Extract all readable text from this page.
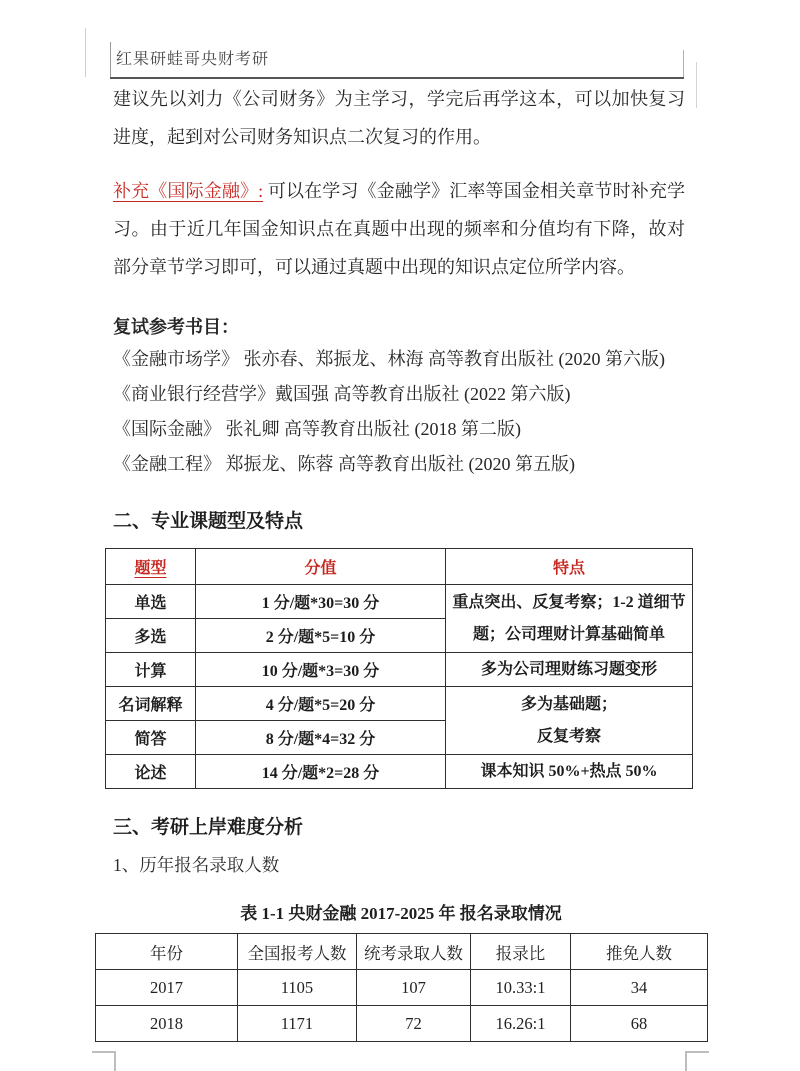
红果研蛙哥央财考研
建议先以刘力《公司财务》为主学习，学完后再学这本，可以加快复习进度，起到对公司财务知识点二次复习的作用。
补充《国际金融》: 可以在学习《金融学》汇率等国金相关章节时补充学习。由于近几年国金知识点在真题中出现的频率和分值均有下降，故对部分章节学习即可，可以通过真题中出现的知识点定位所学内容。
复试参考书目：
《金融市场学》 张亦春、郑振龙、林海 高等教育出版社 (2020 第六版)
《商业银行经营学》戴国强 高等教育出版社 (2022 第六版)
《国际金融》 张礼卿 高等教育出版社 (2018 第二版)
《金融工程》 郑振龙、陈蓉 高等教育出版社 (2020 第五版)
二、专业课题型及特点
题型	分值	特点
单选	1 分/题*30=30 分	重点突出、反复考察；1-2 道细节题；公司理财计算基础简单
多选	2 分/题*5=10 分	
计算	10 分/题*3=30 分	多为公司理财练习题变形
名词解释	4 分/题*5=20 分	多为基础题；
反复考察

简答	8 分/题*4=32 分	
论述	14 分/题*2=28 分	课本知识 50%+热点 50%
三、考研上岸难度分析
1、历年报名录取人数
表 1-1 央财金融 2017-2025 年 报名录取情况
年份	全国报考人数	统考录取人数	报录比	推免人数
2017	1105	107	10.33:1	34
2018	1171	72	16.26:1	68
